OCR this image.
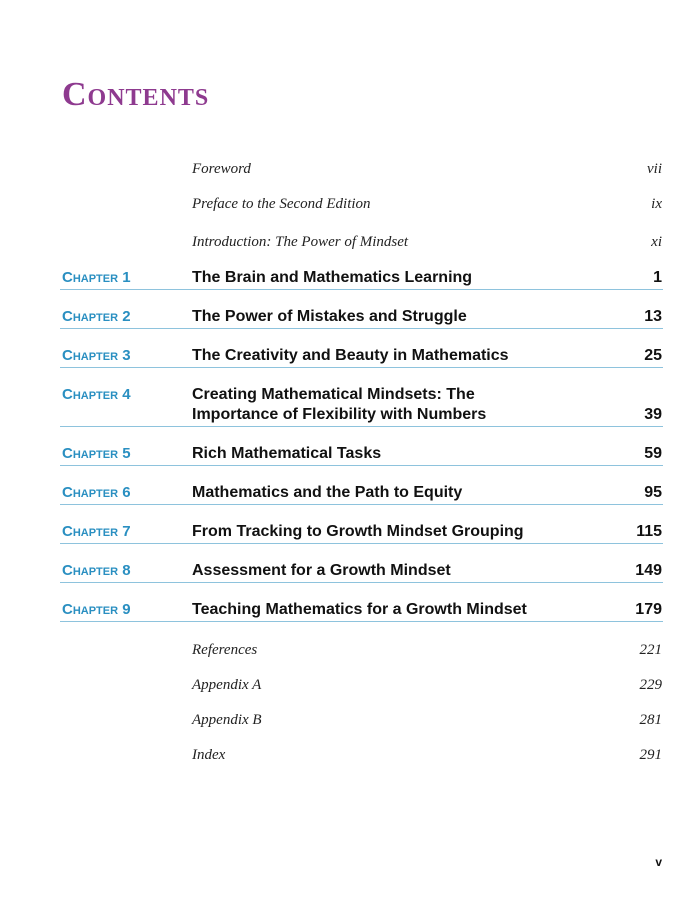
Contents
Foreword	vii
Preface to the Second Edition	ix
Introduction: The Power of Mindset	xi
Chapter 1	The Brain and Mathematics Learning	1
Chapter 2	The Power of Mistakes and Struggle	13
Chapter 3	The Creativity and Beauty in Mathematics	25
Chapter 4	Creating Mathematical Mindsets: The
Importance of Flexibility with Numbers	39
Chapter 5	Rich Mathematical Tasks	59
Chapter 6	Mathematics and the Path to Equity	95
Chapter 7	From Tracking to Growth Mindset Grouping	115
Chapter 8	Assessment for a Growth Mindset	149
Chapter 9	Teaching Mathematics for a Growth Mindset	179
References	221
Appendix A	229
Appendix B	281
Index	291
v
